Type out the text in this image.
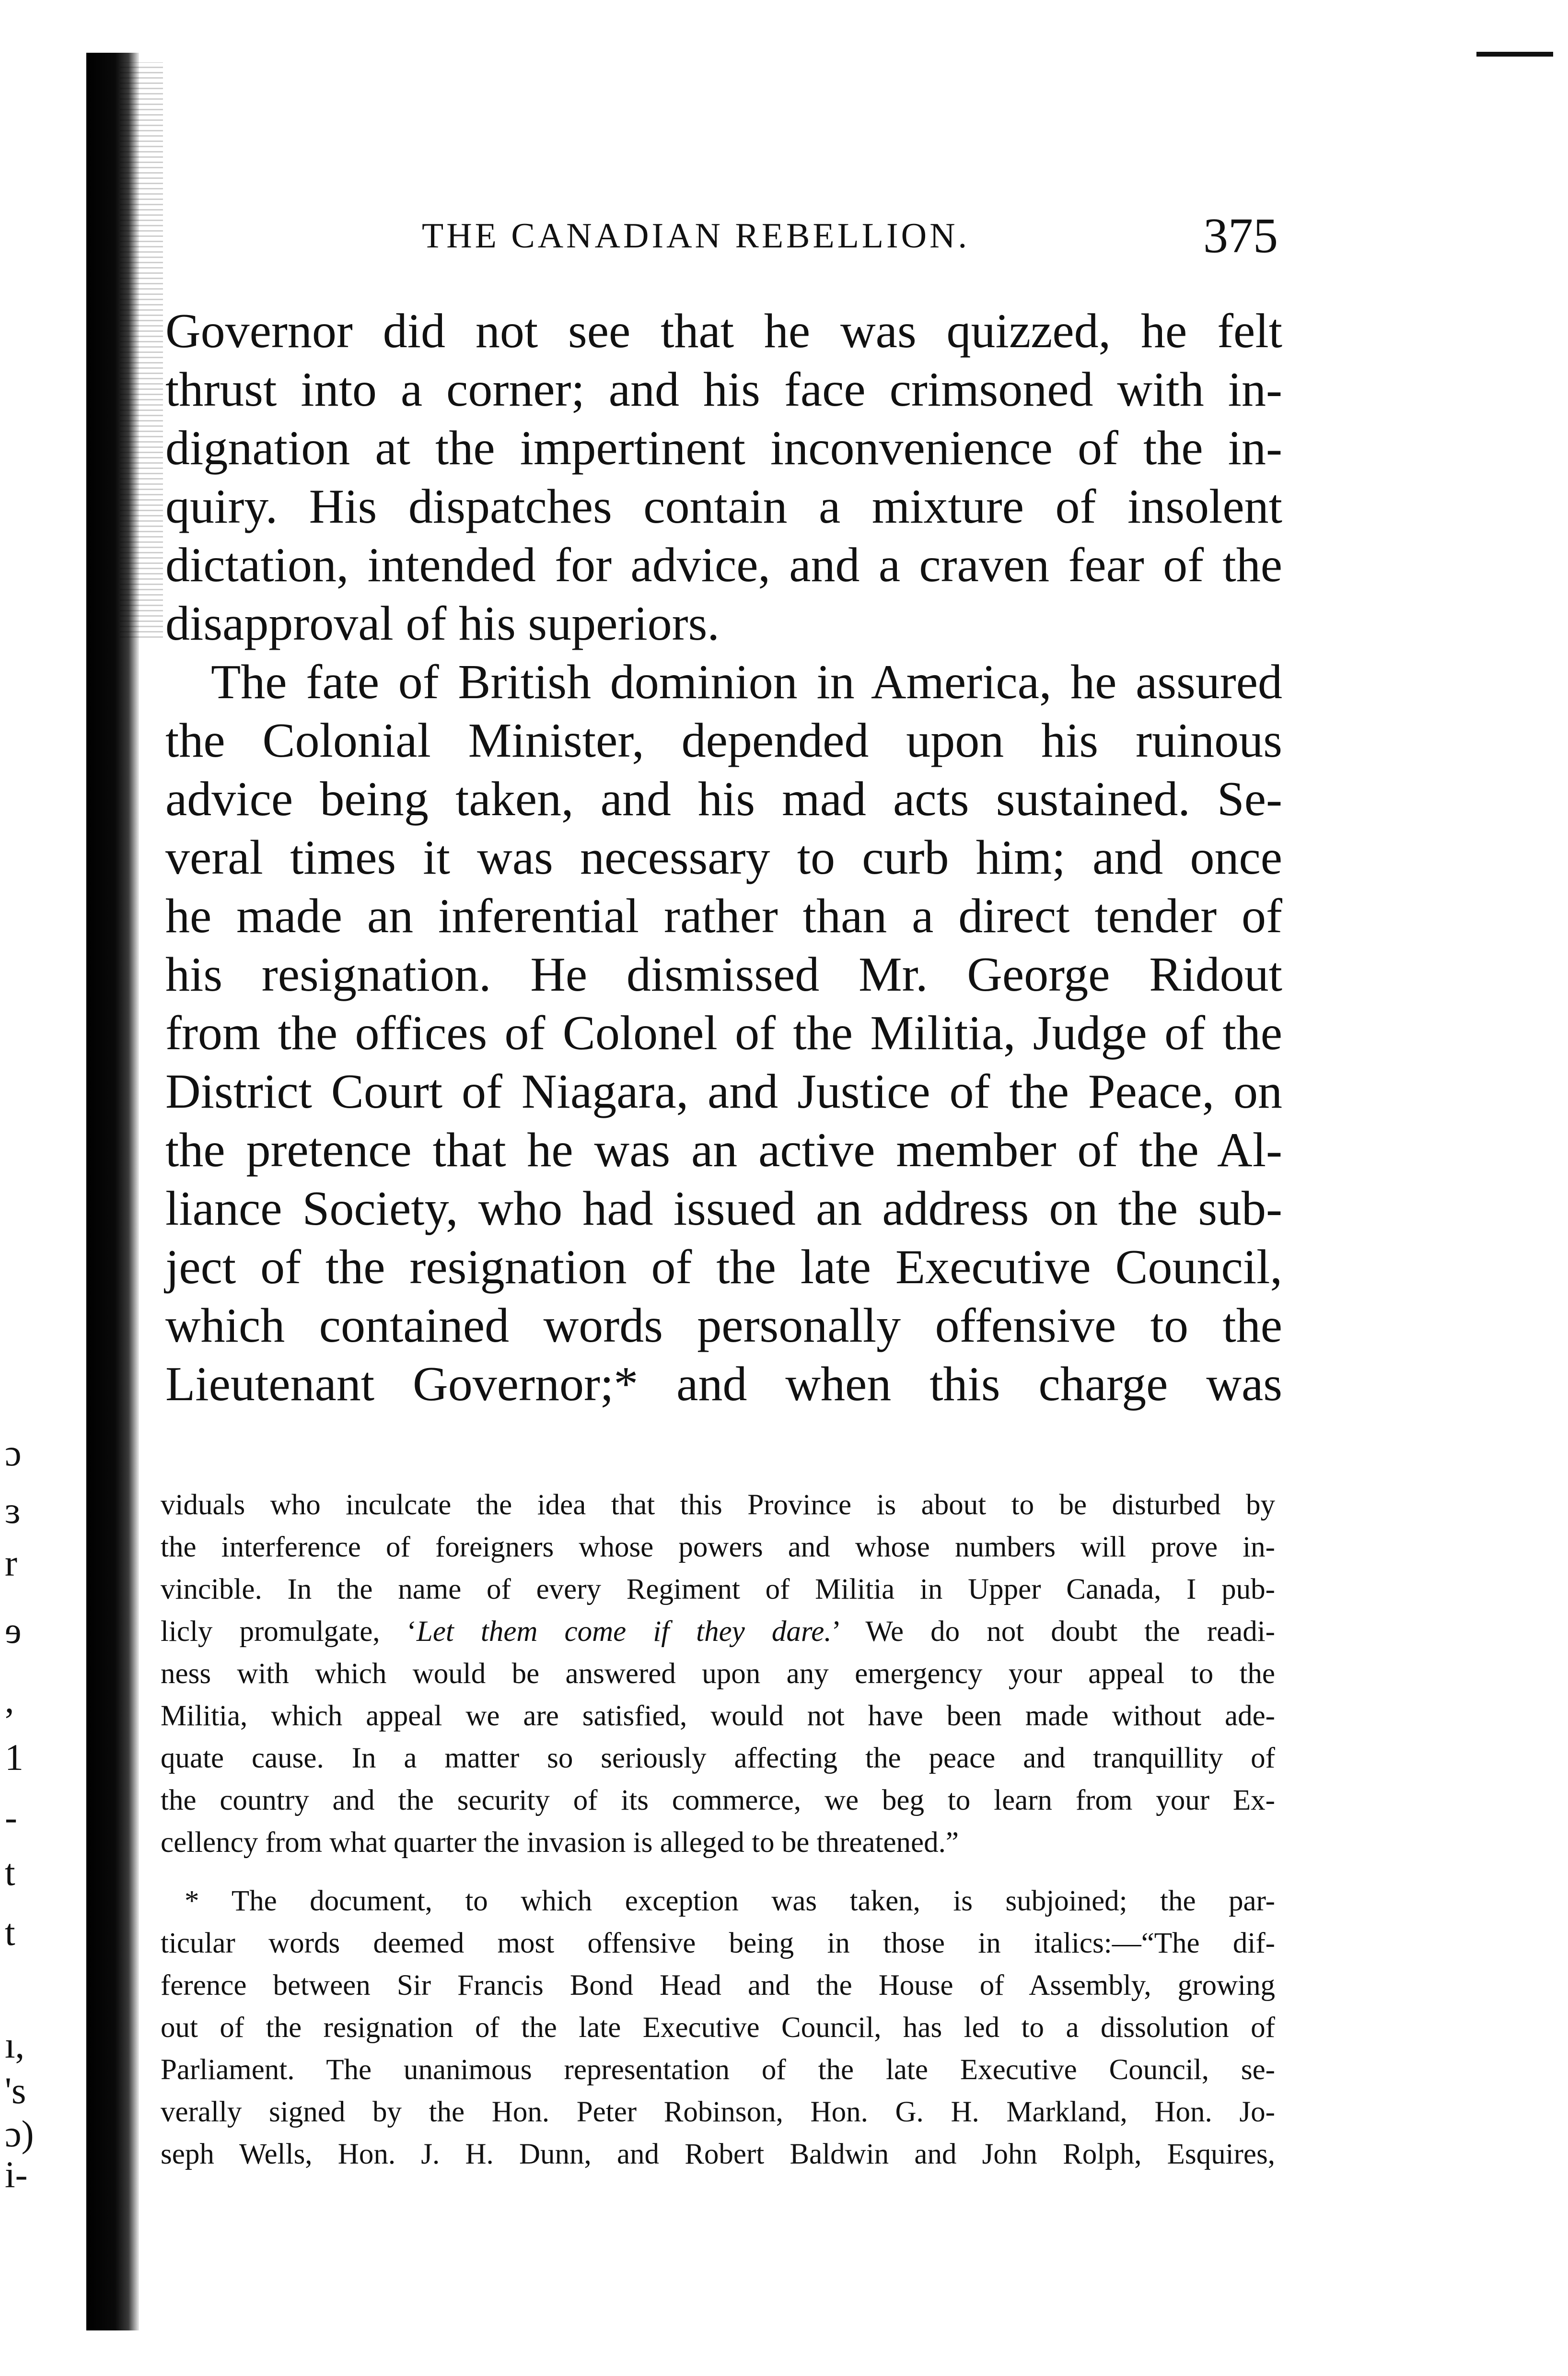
ɔ
ɜ
r
ɘ
,
1
-
t
t
ı,
's
ɔ)
i-
THE CANADIAN REBELLION.	375
Governor did not see that he was quizzed, he felt
thrust into a corner; and his face crimsoned with in-
dignation at the impertinent inconvenience of the in-
quiry. His dispatches contain a mixture of insolent
dictation, intended for advice, and a craven fear of the
disapproval of his superiors.
The fate of British dominion in America, he assured
the Colonial Minister, depended upon his ruinous
advice being taken, and his mad acts sustained. Se-
veral times it was necessary to curb him; and once
he made an inferential rather than a direct tender of
his resignation. He dismissed Mr. George Ridout
from the offices of Colonel of the Militia, Judge of the
District Court of Niagara, and Justice of the Peace, on
the pretence that he was an active member of the Al-
liance Society, who had issued an address on the sub-
ject of the resignation of the late Executive Council,
which contained words personally offensive to the
Lieutenant Governor;* and when this charge was
viduals who inculcate the idea that this Province is about to be disturbed by
the interference of foreigners whose powers and whose numbers will prove in-
vincible. In the name of every Regiment of Militia in Upper Canada, I pub-
licly promulgate, ‘Let them come if they dare.’ We do not doubt the readi-
ness with which would be answered upon any emergency your appeal to the
Militia, which appeal we are satisfied, would not have been made without ade-
quate cause. In a matter so seriously affecting the peace and tranquillity of
the country and the security of its commerce, we beg to learn from your Ex-
cellency from what quarter the invasion is alleged to be threatened.”
* The document, to which exception was taken, is subjoined; the par-
ticular words deemed most offensive being in those in italics:—“The dif-
ference between Sir Francis Bond Head and the House of Assembly, growing
out of the resignation of the late Executive Council, has led to a dissolution of
Parliament. The unanimous representation of the late Executive Council, se-
verally signed by the Hon. Peter Robinson, Hon. G. H. Markland, Hon. Jo-
seph Wells, Hon. J. H. Dunn, and Robert Baldwin and John Rolph, Esquires,
